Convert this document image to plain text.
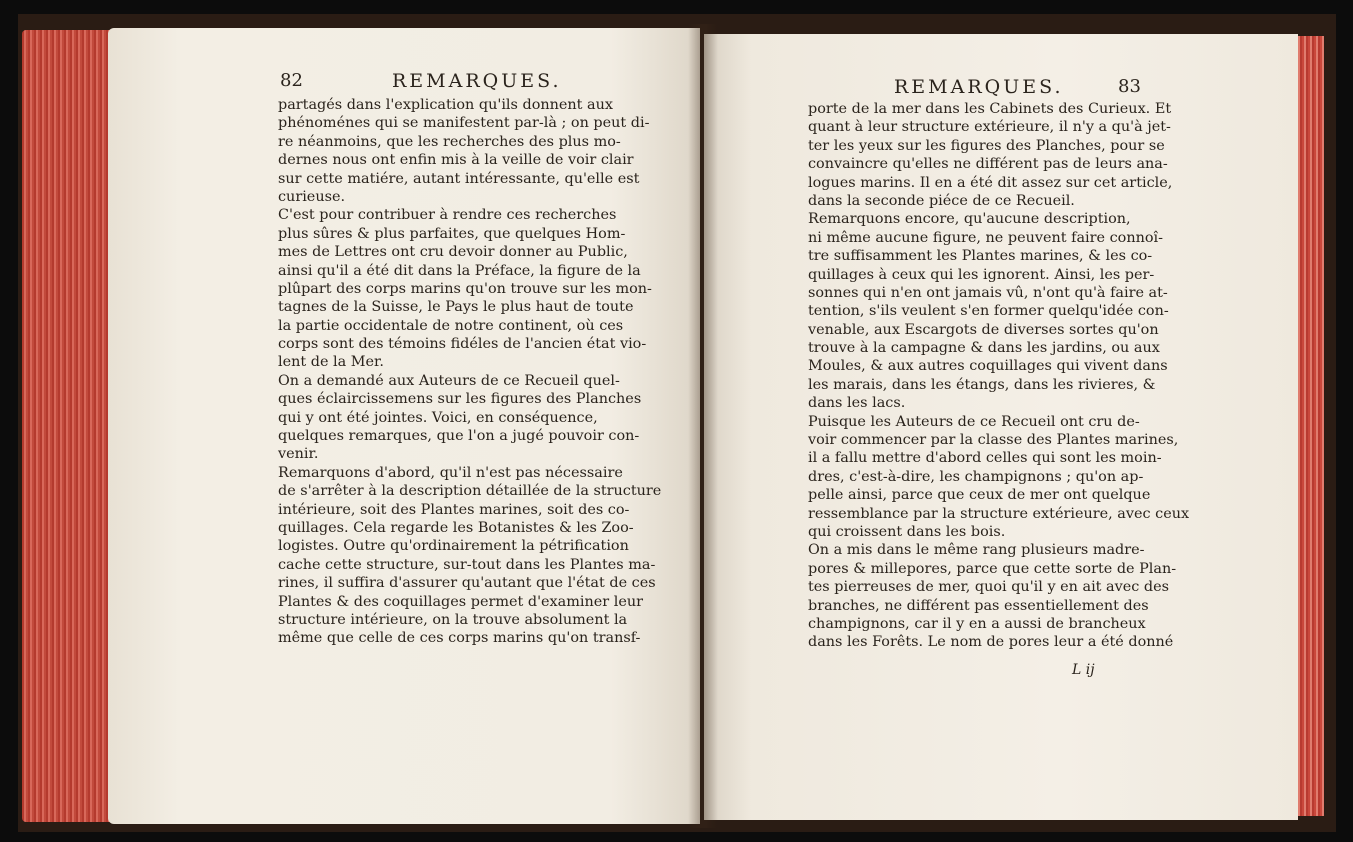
82	REMARQUES.
partagés dans l'explication qu'ils donnent aux
phénoménes qui se manifestent par-là ; on peut di-
re néanmoins, que les recherches des plus mo-
dernes nous ont enfin mis à la veille de voir clair
sur cette matiére, autant intéressante, qu'elle est
curieuse.
C'est pour contribuer à rendre ces recherches
plus sûres & plus parfaites, que quelques Hom-
mes de Lettres ont cru devoir donner au Public,
ainsi qu'il a été dit dans la Préface, la figure de la
plûpart des corps marins qu'on trouve sur les mon-
tagnes de la Suisse, le Pays le plus haut de toute
la partie occidentale de notre continent, où ces
corps sont des témoins fidéles de l'ancien état vio-
lent de la Mer.
On a demandé aux Auteurs de ce Recueil quel-
ques éclaircissemens sur les figures des Planches
qui y ont été jointes. Voici, en conséquence,
quelques remarques, que l'on a jugé pouvoir con-
venir.
Remarquons d'abord, qu'il n'est pas nécessaire
de s'arrêter à la description détaillée de la structure
intérieure, soit des Plantes marines, soit des co-
quillages. Cela regarde les Botanistes & les Zoo-
logistes. Outre qu'ordinairement la pétrification
cache cette structure, sur-tout dans les Plantes ma-
rines, il suffira d'assurer qu'autant que l'état de ces
Plantes & des coquillages permet d'examiner leur
structure intérieure, on la trouve absolument la
même que celle de ces corps marins qu'on transf-
REMARQUES.	83
porte de la mer dans les Cabinets des Curieux. Et
quant à leur structure extérieure, il n'y a qu'à jet-
ter les yeux sur les figures des Planches, pour se
convaincre qu'elles ne différent pas de leurs ana-
logues marins. Il en a été dit assez sur cet article,
dans la seconde piéce de ce Recueil.
Remarquons encore, qu'aucune description,
ni même aucune figure, ne peuvent faire connoî-
tre suffisamment les Plantes marines, & les co-
quillages à ceux qui les ignorent. Ainsi, les per-
sonnes qui n'en ont jamais vû, n'ont qu'à faire at-
tention, s'ils veulent s'en former quelqu'idée con-
venable, aux Escargots de diverses sortes qu'on
trouve à la campagne & dans les jardins, ou aux
Moules, & aux autres coquillages qui vivent dans
les marais, dans les étangs, dans les rivieres, &
dans les lacs.
Puisque les Auteurs de ce Recueil ont cru de-
voir commencer par la classe des Plantes marines,
il a fallu mettre d'abord celles qui sont les moin-
dres, c'est-à-dire, les champignons ; qu'on ap-
pelle ainsi, parce que ceux de mer ont quelque
ressemblance par la structure extérieure, avec ceux
qui croissent dans les bois.
On a mis dans le même rang plusieurs madre-
pores & millepores, parce que cette sorte de Plan-
tes pierreuses de mer, quoi qu'il y en ait avec des
branches, ne différent pas essentiellement des
champignons, car il y en a aussi de brancheux
dans les Forêts. Le nom de pores leur a été donné
L ij
